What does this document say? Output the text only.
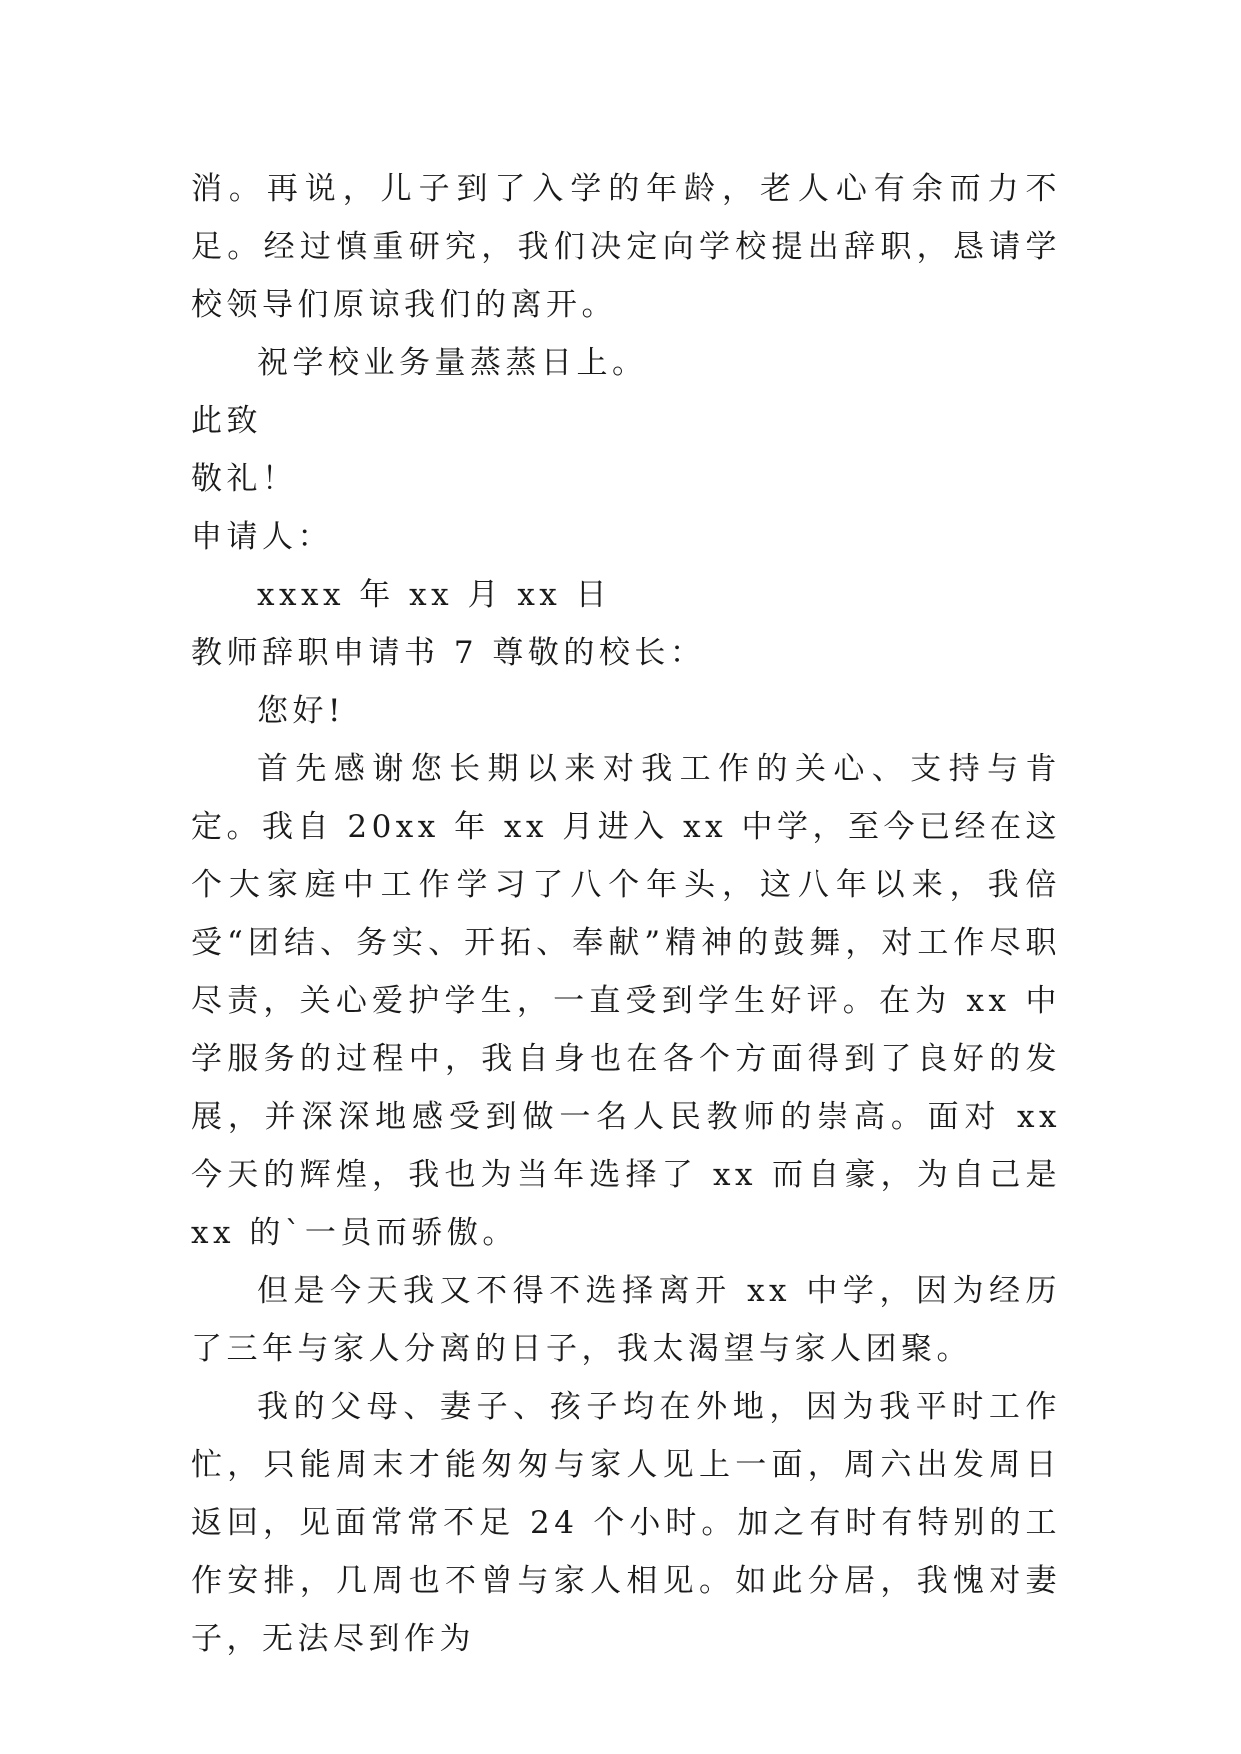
消。再说，儿子到了入学的年龄，老人心有余而力不足。经过慎重研究，我们决定向学校提出辞职，恳请学校领导们原谅我们的离开。

祝学校业务量蒸蒸日上。

此致

敬礼！

申请人：

xxxx 年 xx 月 xx 日

教师辞职申请书 7 尊敬的校长：

您好!

首先感谢您长期以来对我工作的关心、支持与肯定。我自 20xx 年 xx 月进入 xx 中学，至今已经在这个大家庭中工作学习了八个年头，这八年以来，我倍受“团结、务实、开拓、奉献”精神的鼓舞，对工作尽职尽责，关心爱护学生，一直受到学生好评。在为 xx 中学服务的过程中，我自身也在各个方面得到了良好的发展，并深深地感受到做一名人民教师的崇高。面对 xx 今天的辉煌，我也为当年选择了 xx 而自豪，为自己是 xx 的`一员而骄傲。

但是今天我又不得不选择离开 xx 中学，因为经历了三年与家人分离的日子，我太渴望与家人团聚。

我的父母、妻子、孩子均在外地，因为我平时工作忙，只能周末才能匆匆与家人见上一面，周六出发周日返回，见面常常不足 24 个小时。加之有时有特别的工作安排，几周也不曾与家人相见。如此分居，我愧对妻子，无法尽到作为
